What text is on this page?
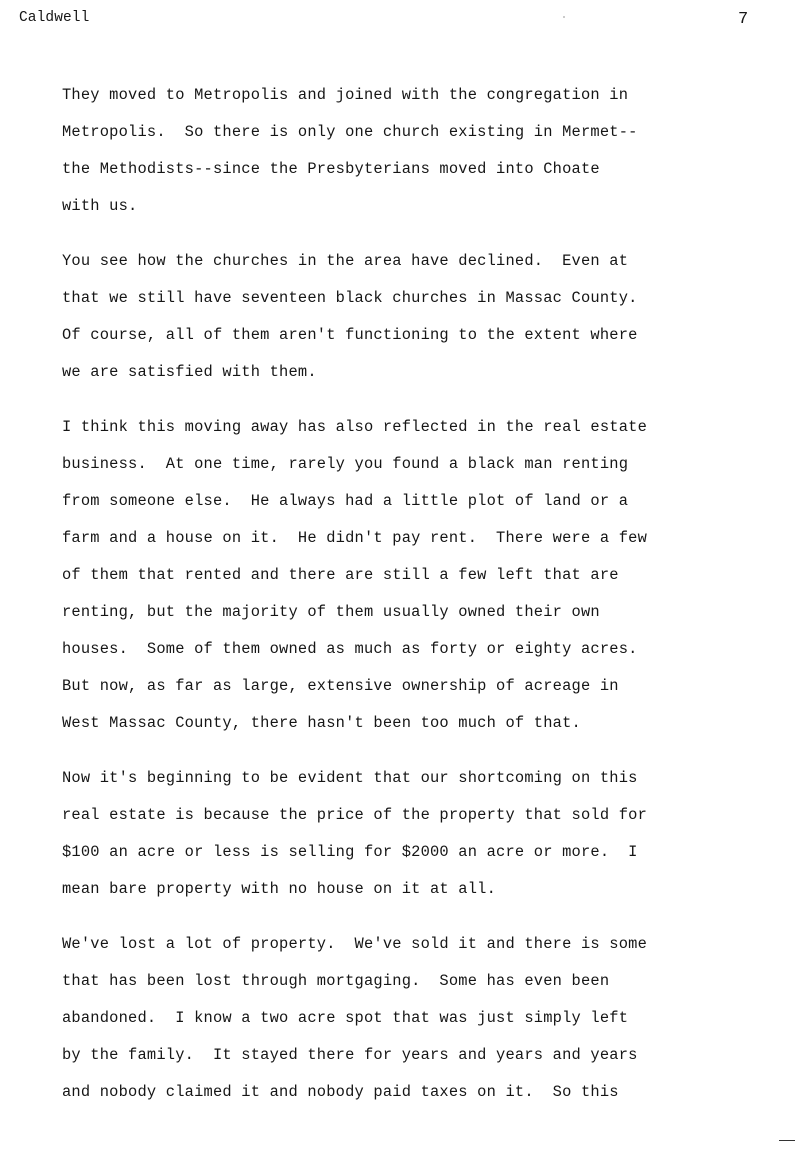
Caldwell	7
They moved to Metropolis and joined with the congregation in
Metropolis.  So there is only one church existing in Mermet--
the Methodists--since the Presbyterians moved into Choate
with us.
You see how the churches in the area have declined.  Even at
that we still have seventeen black churches in Massac County.
Of course, all of them aren't functioning to the extent where
we are satisfied with them.
I think this moving away has also reflected in the real estate
business.  At one time, rarely you found a black man renting
from someone else.  He always had a little plot of land or a
farm and a house on it.  He didn't pay rent.  There were a few
of them that rented and there are still a few left that are
renting, but the majority of them usually owned their own
houses.  Some of them owned as much as forty or eighty acres.
But now, as far as large, extensive ownership of acreage in
West Massac County, there hasn't been too much of that.
Now it's beginning to be evident that our shortcoming on this
real estate is because the price of the property that sold for
$100 an acre or less is selling for $2000 an acre or more.  I
mean bare property with no house on it at all.
We've lost a lot of property.  We've sold it and there is some
that has been lost through mortgaging.  Some has even been
abandoned.  I know a two acre spot that was just simply left
by the family.  It stayed there for years and years and years
and nobody claimed it and nobody paid taxes on it.  So this
